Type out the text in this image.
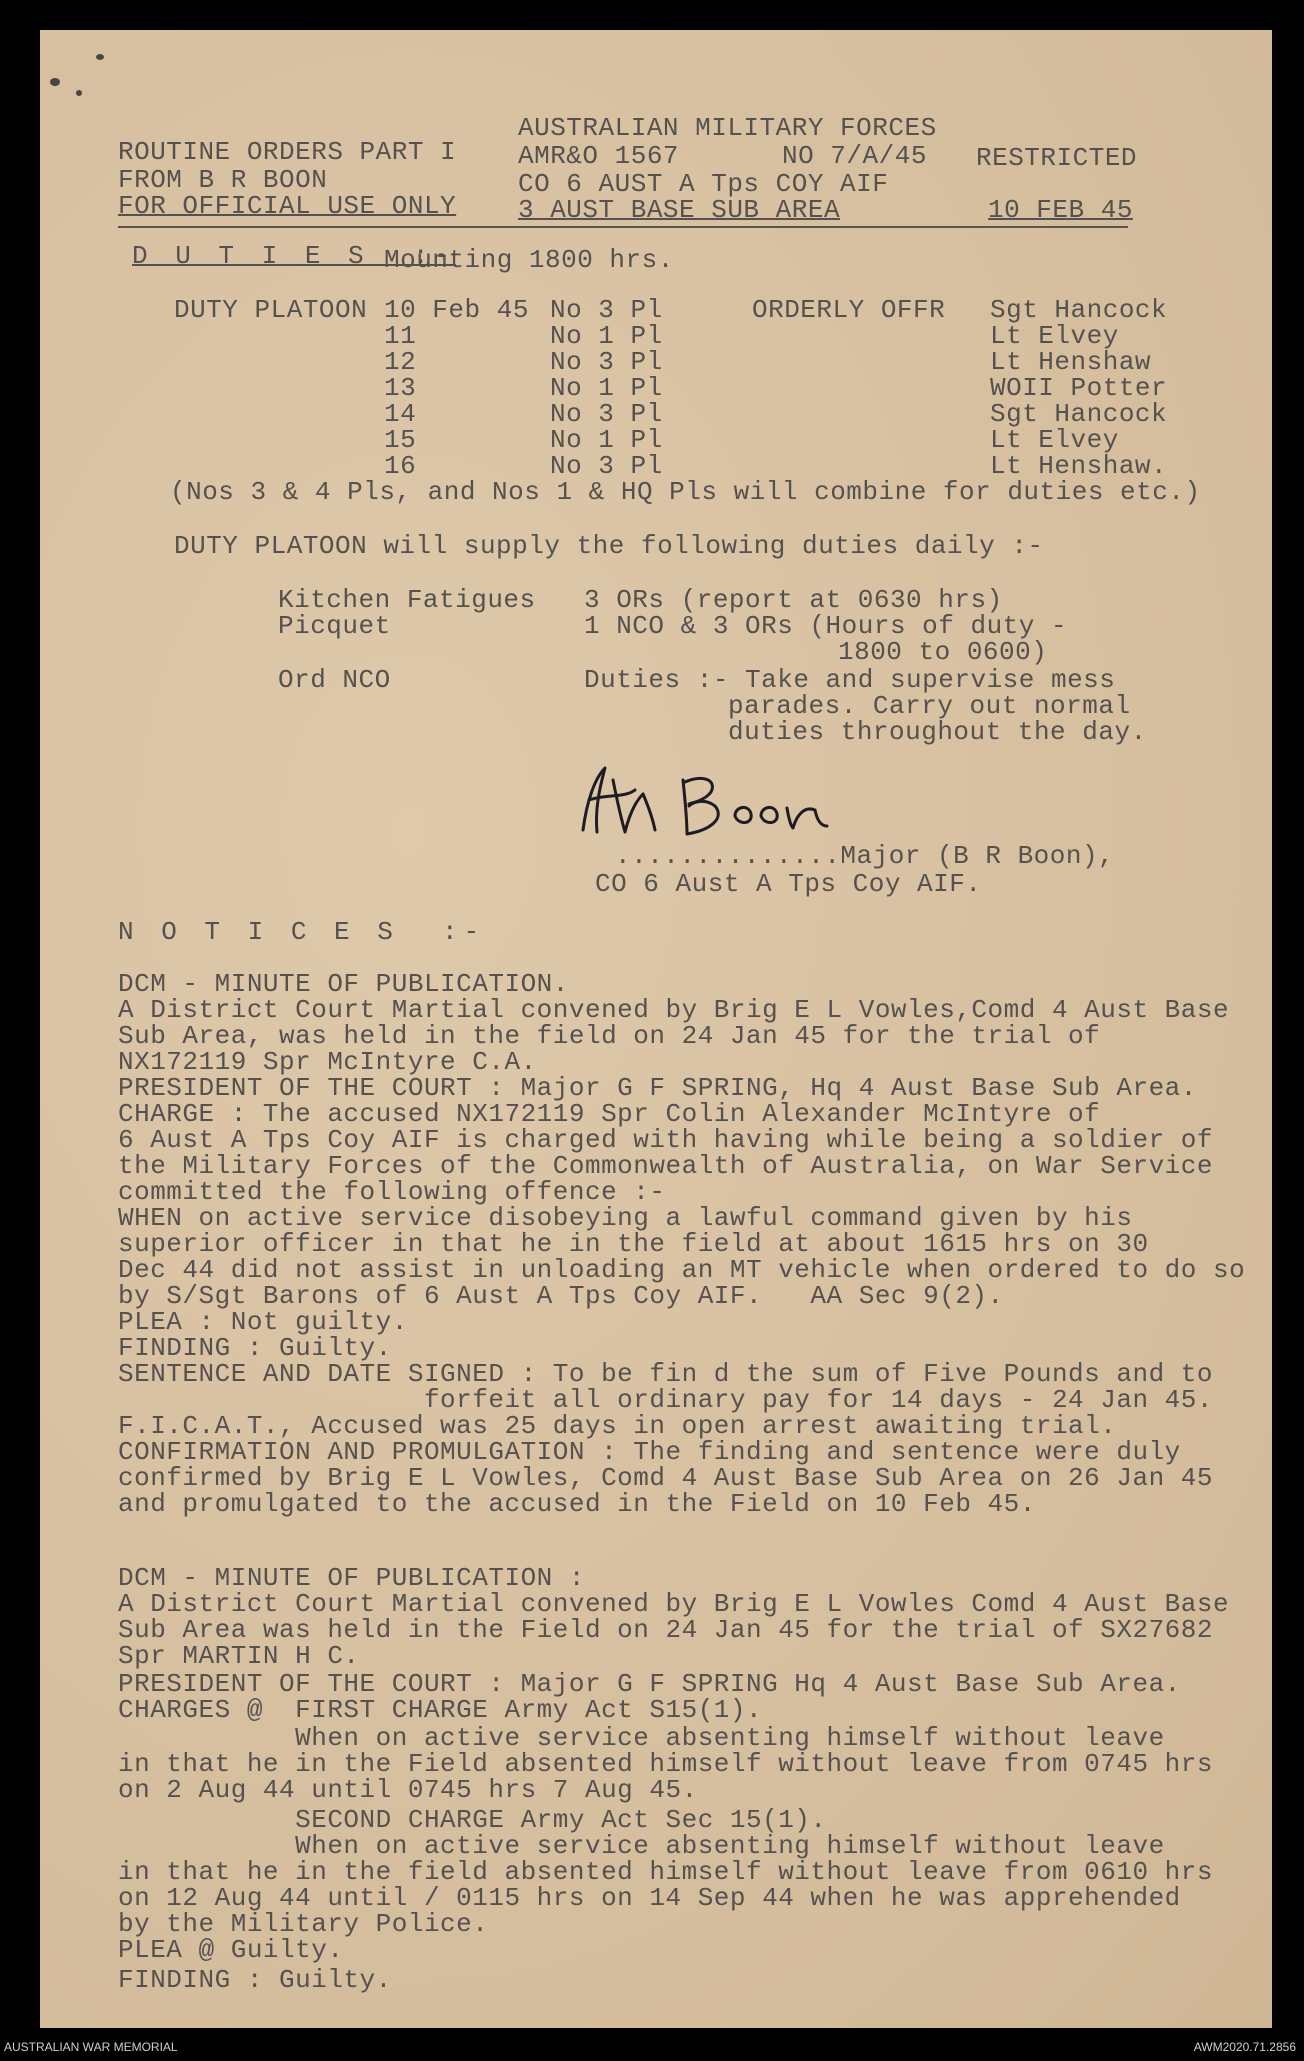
ROUTINE ORDERS PART I
FROM B R BOON
FOR OFFICIAL USE ONLY
AUSTRALIAN MILITARY FORCES
AMR&O 1567	NO 7/A/45 RESTRICTED
CO 6 AUST A Tps COY AIF
3 AUST BASE SUB AREA	10 FEB 45
D U T I E S  :-
Mounting 1800 hrs.
DUTY PLATOON	ORDERLY OFFR
10 Feb 45 No 3 Pl	Sgt Hancock
11	No 1 Pl	Lt Elvey
12	No 3 Pl	Lt Henshaw
13	No 1 Pl	WOII Potter
14	No 3 Pl	Sgt Hancock
15	No 1 Pl	Lt Elvey
16	No 3 Pl	Lt Henshaw.
(Nos 3 & 4 Pls, and Nos 1 & HQ Pls will combine for duties etc.)
DUTY PLATOON will supply the following duties daily :-
Kitchen Fatigues 3 ORs (report at 0630 hrs)
Picquet	1 NCO & 3 ORs (Hours of duty -
1800 to 0600)
Ord NCO	Duties :- Take and supervise mess
parades. Carry out normal
duties throughout the day.
..............Major (B R Boon),
CO 6 Aust A Tps Coy AIF.
N O T I C E S  :-
DCM - MINUTE OF PUBLICATION.
A District Court Martial convened by Brig E L Vowles,Comd 4 Aust Base
Sub Area, was held in the field on 24 Jan 45 for the trial of
NX172119 Spr McIntyre C.A.
PRESIDENT OF THE COURT : Major G F SPRING, Hq 4 Aust Base Sub Area.
CHARGE : The accused NX172119 Spr Colin Alexander McIntyre of
6 Aust A Tps Coy AIF is charged with having while being a soldier of
the Military Forces of the Commonwealth of Australia, on War Service
committed the following offence :-
WHEN on active service disobeying a lawful command given by his
superior officer in that he in the field at about 1615 hrs on 30
Dec 44 did not assist in unloading an MT vehicle when ordered to do so
by S/Sgt Barons of 6 Aust A Tps Coy AIF.   AA Sec 9(2).
PLEA : Not guilty.
FINDING : Guilty.
SENTENCE AND DATE SIGNED : To be fin d the sum of Five Pounds and to
forfeit all ordinary pay for 14 days - 24 Jan 45.
F.I.C.A.T., Accused was 25 days in open arrest awaiting trial.
CONFIRMATION AND PROMULGATION : The finding and sentence were duly
confirmed by Brig E L Vowles, Comd 4 Aust Base Sub Area on 26 Jan 45
and promulgated to the accused in the Field on 10 Feb 45.
DCM - MINUTE OF PUBLICATION :
A District Court Martial convened by Brig E L Vowles Comd 4 Aust Base
Sub Area was held in the Field on 24 Jan 45 for the trial of SX27682
Spr MARTIN H C.
PRESIDENT OF THE COURT : Major G F SPRING Hq 4 Aust Base Sub Area.
CHARGES @  FIRST CHARGE Army Act S15(1).
When on active service absenting himself without leave
in that he in the Field absented himself without leave from 0745 hrs
on 2 Aug 44 until 0745 hrs 7 Aug 45.
SECOND CHARGE Army Act Sec 15(1).
When on active service absenting himself without leave
in that he in the field absented himself without leave from 0610 hrs
on 12 Aug 44 until / 0115 hrs on 14 Sep 44 when he was apprehended
by the Military Police.
PLEA @ Guilty.
FINDING : Guilty.
AUSTRALIAN WAR MEMORIAL	AWM2020.71.2856
